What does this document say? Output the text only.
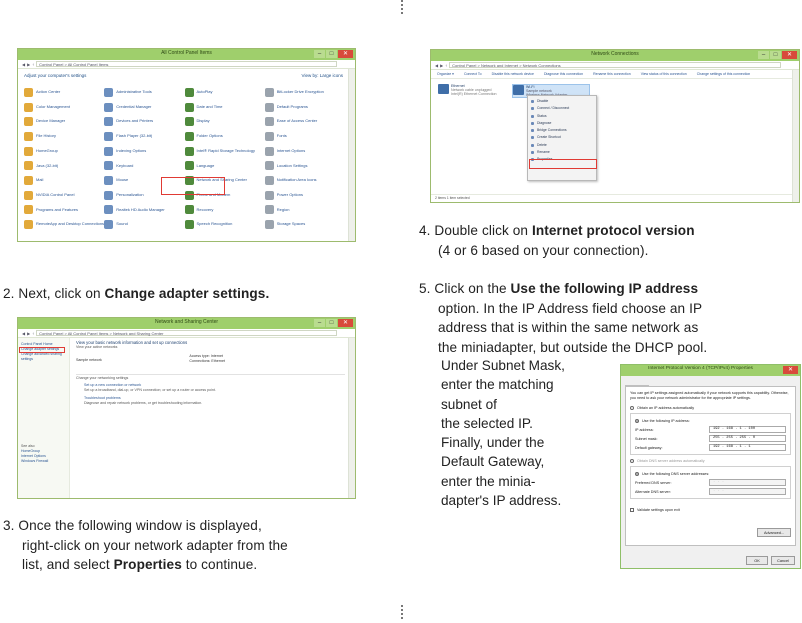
All Control Panel Items	–	□	✕
◀ ▶ ↑	Control Panel > All Control Panel Items
Adjust your computer's settings	View by: Large icons
Action Center	Administrative Tools	AutoPlay	BitLocker Drive Encryption
Color Management	Credential Manager	Date and Time	Default Programs
Device Manager	Devices and Printers	Display	Ease of Access Center
File History	Flash Player (32-bit)	Folder Options	Fonts
HomeGroup	Indexing Options	Intel® Rapid Storage Technology	Internet Options
Java (32-bit)	Keyboard	Language	Location Settings
Mail	Mouse	Network and Sharing Center	Notification Area Icons
NVIDIA Control Panel	Personalization	Phone and Modem	Power Options
Programs and Features	Realtek HD Audio Manager	Recovery	Region
RemoteApp and Desktop Connections	Sound	Speech Recognition	Storage Spaces
2. Next, click on Change adapter settings.
Network and Sharing Center	–	□	✕
◀ ▶ ↑	Control Panel > All Control Panel Items > Network and Sharing Center
Control Panel Home
Change adapter settings
Change advanced sharing settings
See also
HomeGroup
Internet Options
Windows Firewall
View your basic network information and set up connections
View your active networks
Sample network
Access type: Internet
Connections: Ethernet
Change your networking settings
Set up a new connection or network
Set up a broadband, dial-up, or VPN connection; or set up a router or access point.
Troubleshoot problems
Diagnose and repair network problems, or get troubleshooting information.
3. Once the following window is displayed,
right-click on your network adapter from the
list, and select Properties to continue.
Network Connections	–	□	✕
◀ ▶ ↑	Control Panel > Network and Internet > Network Connections
Organize ▾	Connect To	Disable this network device	Diagnose this connection	Rename this connection	View status of this connection	Change settings of this connection
2 items 1 item selected
Ethernet
Network cable unplugged
Intel(R) Ethernet Connection
Wi-Fi
Sample network
Disable
Connect / Disconnect
Status
Diagnose
Bridge Connections
Create Shortcut
Delete
Rename
Properties
4. Double click on Internet protocol version
(4 or 6 based on your connection).
5. Click on the Use the following IP address
option. In the IP Address field choose an IP
address that is within the same network as
the miniadapter, but outside the DHCP pool.
Under Subnet Mask,
enter the matching
subnet of
the selected IP.
Finally, under the
Default Gateway,
enter the minia-
dapter's IP address.
Internet Protocol Version 4 (TCP/IPv4) Properties	✕
You can get IP settings assigned automatically if your network supports this capability. Otherwise, you need to ask your network administrator for the appropriate IP settings.
Obtain an IP address automatically
Use the following IP address:
IP address:	192 . 168 . 1 . 100
Subnet mask:	255 . 255 . 255 . 0
Default gateway:	192 . 168 . 1 . 1
Obtain DNS server address automatically
Use the following DNS server addresses:
Preferred DNS server:	. . .
Alternate DNS server:	. . .
Validate settings upon exit
Advanced...
OK	Cancel
